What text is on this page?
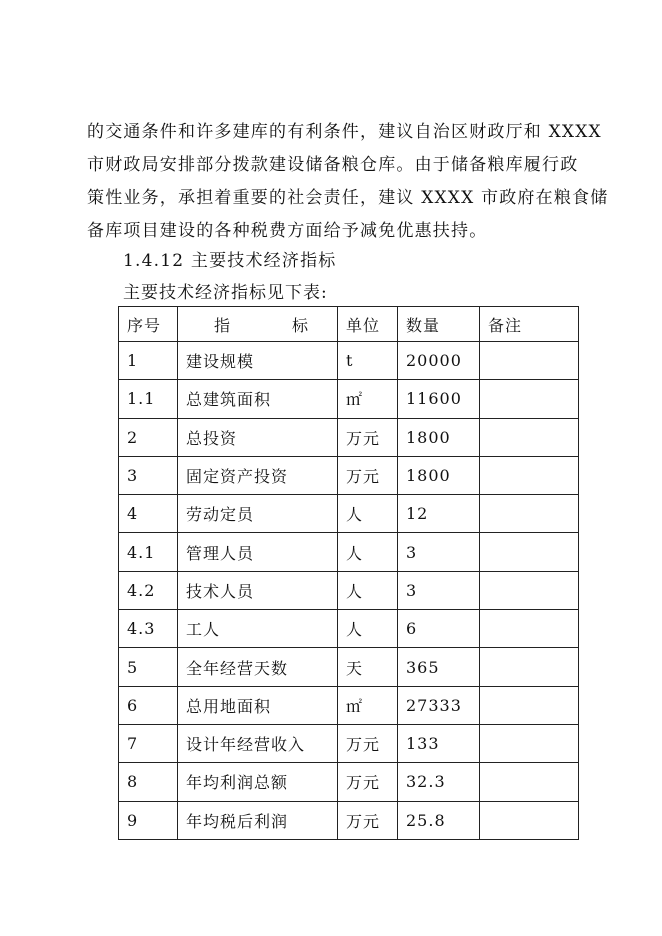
的交通条件和许多建库的有利条件，建议自治区财政厅和 XXXX
市财政局安排部分拨款建设储备粮仓库。由于储备粮库履行政
策性业务，承担着重要的社会责任，建议 XXXX 市政府在粮食储
备库项目建设的各种税费方面给予减免优惠扶持。

1.4.12 主要技术经济指标

主要技术经济指标见下表:

序号	指 标	单位	数量	备注
1	建设规模	t	20000	
1.1	总建筑面积	㎡	11600	
2	总投资	万元	1800	
3	固定资产投资	万元	1800	
4	劳动定员	人	12	
4.1	管理人员	人	3	
4.2	技术人员	人	3	
4.3	工人	人	6	
5	全年经营天数	天	365	
6	总用地面积	㎡	27333	
7	设计年经营收入	万元	133	
8	年均利润总额	万元	32.3	
9	年均税后利润	万元	25.8	
